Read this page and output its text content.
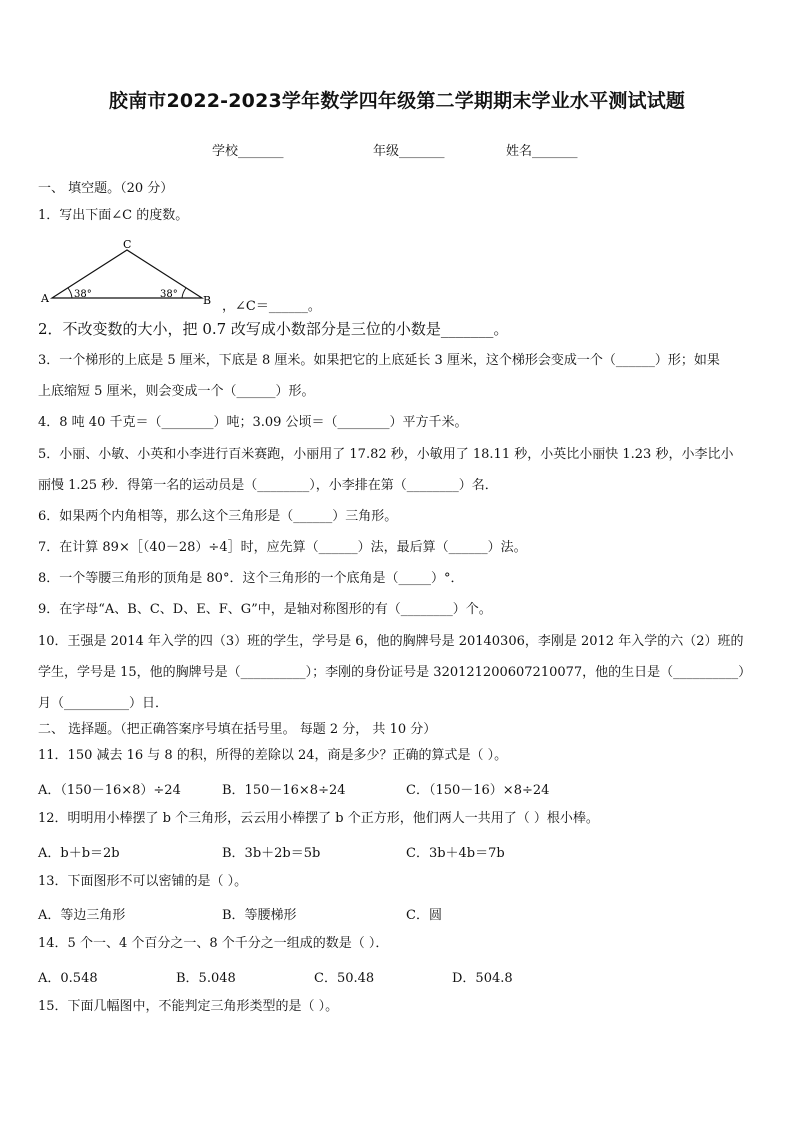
胶南市2022-2023学年数学四年级第二学期期末学业水平测试试题
学校_______	年级_______	姓名_______
一、 填空题。（20 分）
1．写出下面∠C 的度数。
C
A	B
38°	38°
，∠C＝______。
2．不改变数的大小，把 0.7 改写成小数部分是三位的小数是_______。
3．一个梯形的上底是 5 厘米，下底是 8 厘米。如果把它的上底延长 3 厘米，这个梯形会变成一个（______）形；如果
上底缩短 5 厘米，则会变成一个（______）形。
4．8 吨 40 千克＝（________）吨；3.09 公顷＝（________）平方千米。
5．小丽、小敏、小英和小李进行百米赛跑，小丽用了 17.82 秒，小敏用了 18.11 秒，小英比小丽快 1.23 秒，小李比小
丽慢 1.25 秒．得第一名的运动员是（________），小李排在第（________）名．
6．如果两个内角相等，那么这个三角形是（______）三角形。
7．在计算 89×［（40－28）÷4］时，应先算（______）法，最后算（______）法。
8．一个等腰三角形的顶角是 80°．这个三角形的一个底角是（_____）°．
9．在字母“A、B、C、D、E、F、G”中，是轴对称图形的有（________）个。
10．王强是 2014 年入学的四（3）班的学生，学号是 6，他的胸牌号是 20140306，李刚是 2012 年入学的六（2）班的
学生，学号是 15，他的胸牌号是（__________）；李刚的身份证号是 320121200607210077，他的生日是（__________）
月（__________）日．
二、 选择题。（把正确答案序号填在括号里。 每题 2 分， 共 10 分）
11．150 减去 16 与 8 的积，所得的差除以 24，商是多少？正确的算式是（ ）。
A．（150－16×8）÷24	B．150－16×8÷24	C．（150－16）×8÷24
12．明明用小棒摆了 b 个三角形，云云用小棒摆了 b 个正方形，他们两人一共用了（ ）根小棒。
A．b＋b＝2b	B．3b＋2b＝5b	C．3b＋4b＝7b
13．下面图形不可以密铺的是（ ）。
A．等边三角形	B．等腰梯形	C．圆
14．5 个一、4 个百分之一、8 个千分之一组成的数是（ ）．
A．0.548	B．5.048	C．50.48	D．504.8
15．下面几幅图中，不能判定三角形类型的是（ ）。
